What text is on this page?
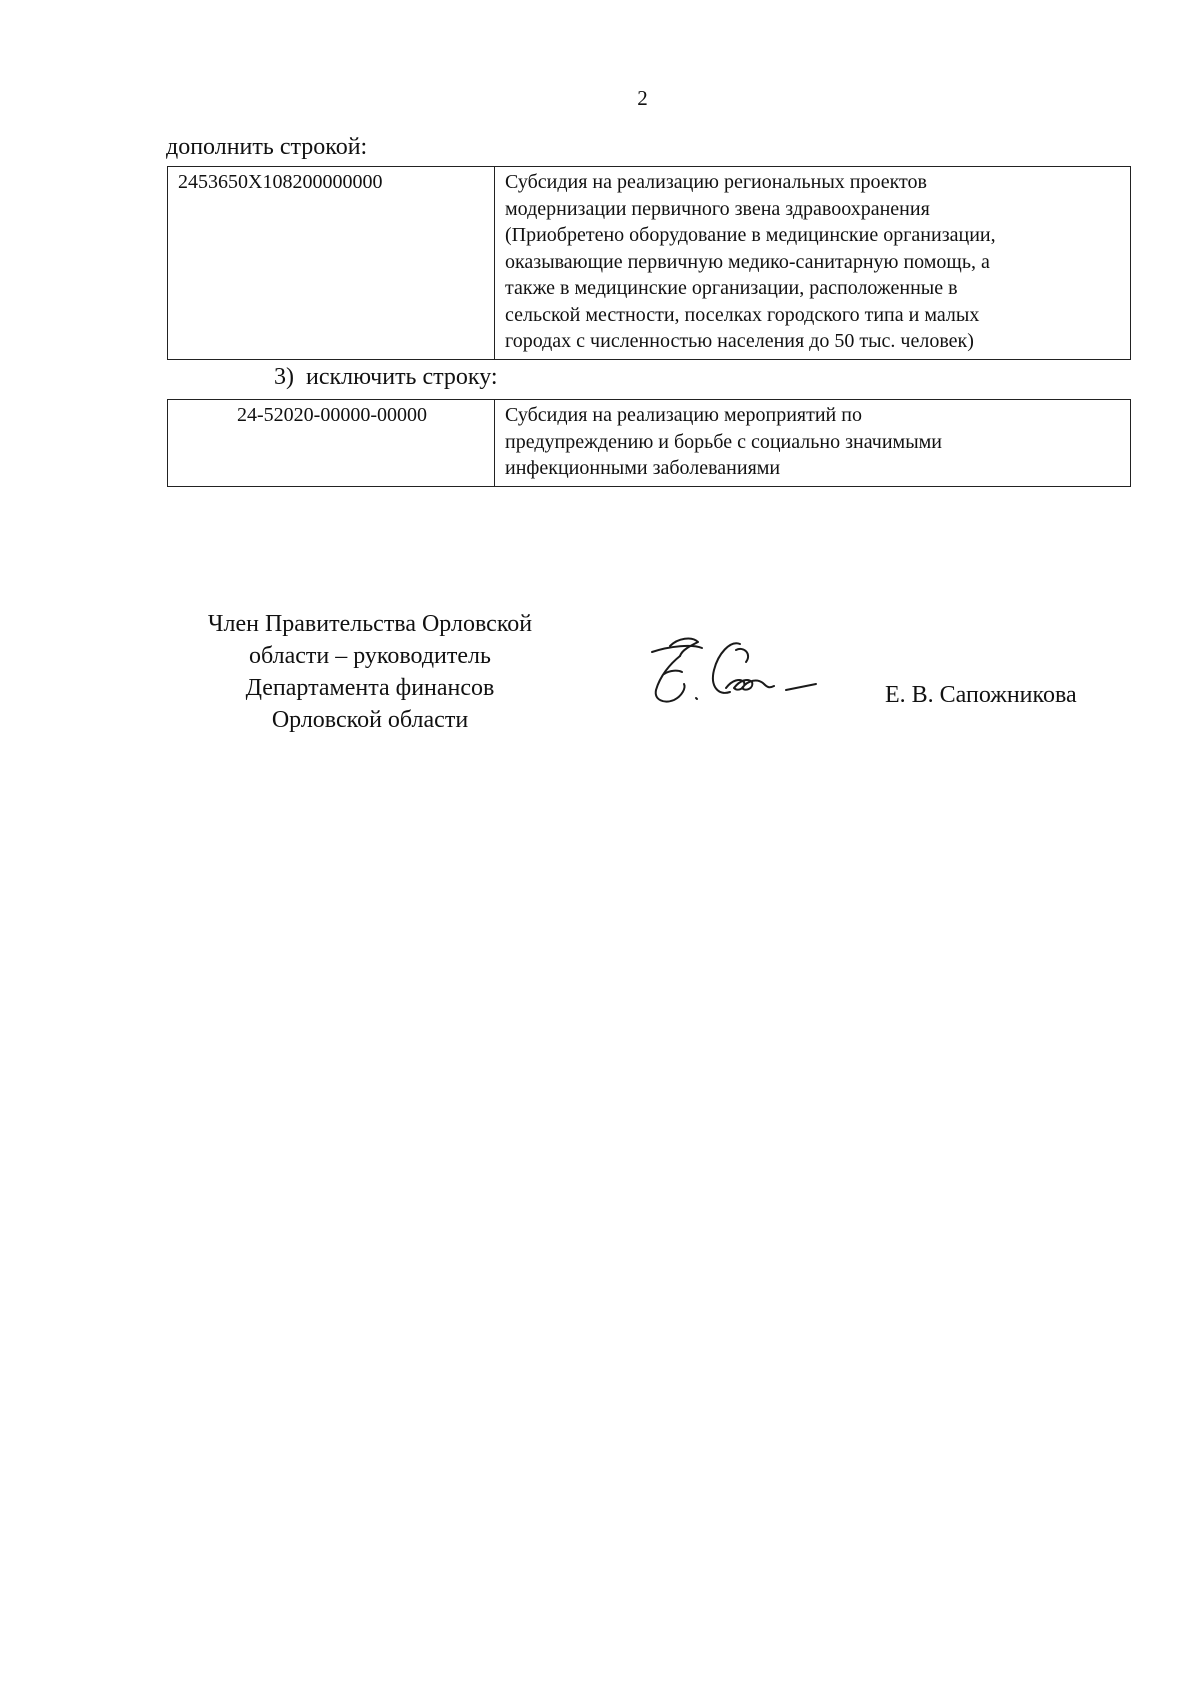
2
дополнить строкой:
2453650X108200000000	Субсидия на реализацию региональных проектов
модернизации первичного звена здравоохранения
(Приобретено оборудование в медицинские организации,
оказывающие первичную медико-санитарную помощь, а
также в медицинские организации, расположенные в
сельской местности, поселках городского типа и малых
городах с численностью населения до 50 тыс. человек)
3) исключить строку:
24-52020-00000-00000	Субсидия на реализацию мероприятий по
предупреждению и борьбе с социально значимыми
инфекционными заболеваниями
Член Правительства Орловской
области – руководитель
Департамента финансов
Орловской области
Е. В. Сапожникова
